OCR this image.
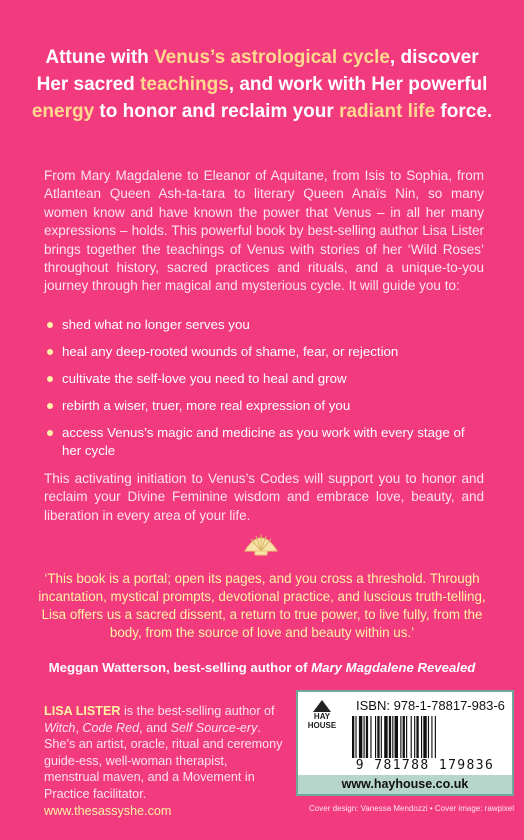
Attune with Venus’s astrological cycle, discover Her sacred teachings, and work with Her powerful energy to honor and reclaim your radiant life force.
From Mary Magdalene to Eleanor of Aquitane, from Isis to Sophia, from Atlantean Queen Ash-ta-tara to literary Queen Anaïs Nin, so many women know and have known the power that Venus – in all her many expressions – holds. This powerful book by best-selling author Lisa Lister brings together the teachings of Venus with stories of her ‘Wild Roses’ throughout history, sacred practices and rituals, and a unique-to-you journey through her magical and mysterious cycle. It will guide you to:
shed what no longer serves you
heal any deep-rooted wounds of shame, fear, or rejection
cultivate the self-love you need to heal and grow
rebirth a wiser, truer, more real expression of you
access Venus’s magic and medicine as you work with every stage of her cycle
This activating initiation to Venus’s Codes will support you to honor and reclaim your Divine Feminine wisdom and embrace love, beauty, and liberation in every area of your life.
‘This book is a portal; open its pages, and you cross a threshold. Through incantation, mystical prompts, devotional practice, and luscious truth-telling, Lisa offers us a sacred dissent, a return to true power, to live fully, from the body, from the source of love and beauty within us.’
Meggan Watterson, best-selling author of Mary Magdalene Revealed
LISA LISTER is the best-selling author of Witch, Code Red, and Self Source-ery. She’s an artist, oracle, ritual and ceremony guide-ess, well-woman therapist, menstrual maven, and a Movement in Practice facilitator.
www.thesassyshe.com
HAY
HOUSE
ISBN: 978-1-78817-983-6
9 781788 179836
www.hayhouse.co.uk
Cover design: Vanessa Mendozzi • Cover image: rawpixel
